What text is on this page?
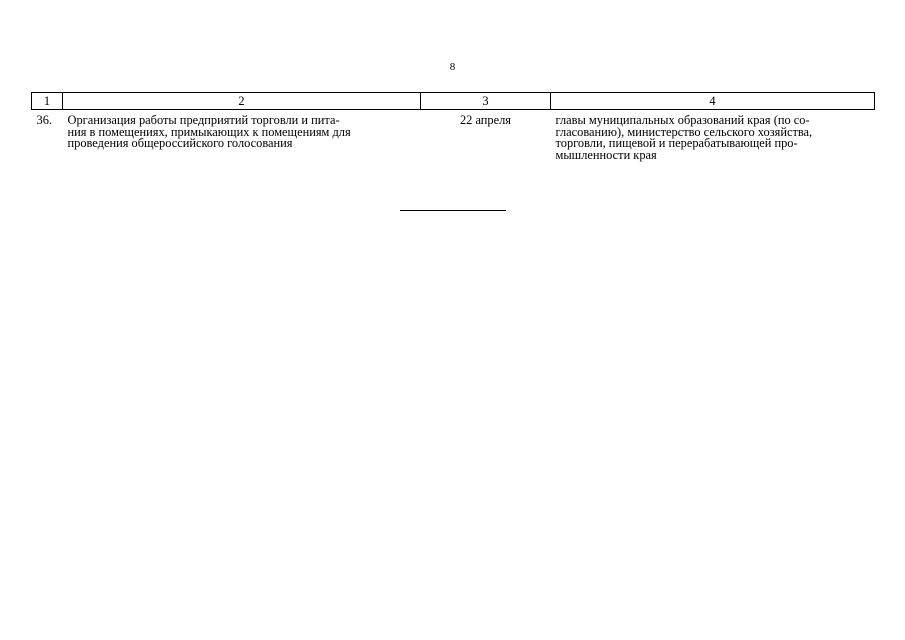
8
1	2	3	4
36.	Организация работы предприятий торговли и пита-
ния в помещениях, примыкающих к помещениям для
проведения общероссийского голосования	22 апреля	главы муниципальных образований края (по со-
гласованию), министерство сельского хозяйства,
торговли, пищевой и перерабатывающей про-
мышленности края
